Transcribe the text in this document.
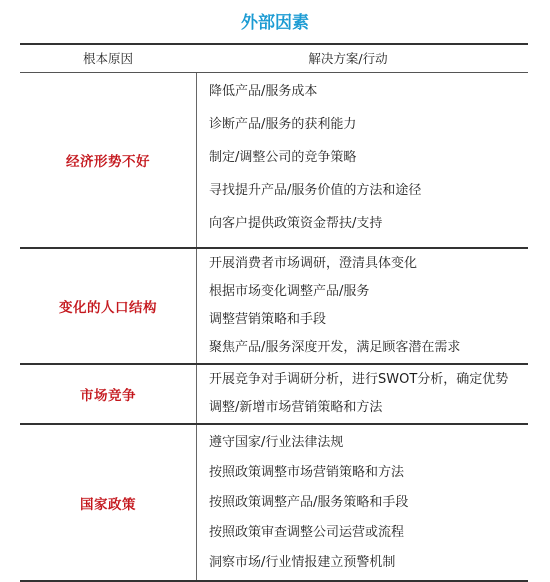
外部因素
根本原因	解决方案/行动
经济形势不好
降低产品/服务成本
诊断产品/服务的获利能力
制定/调整公司的竞争策略
寻找提升产品/服务价值的方法和途径
向客户提供政策资金帮扶/支持
变化的人口结构
开展消费者市场调研，澄清具体变化
根据市场变化调整产品/服务
调整营销策略和手段
聚焦产品/服务深度开发，满足顾客潜在需求
市场竞争
开展竞争对手调研分析，进行SWOT分析，确定优势
调整/新增市场营销策略和方法
国家政策
遵守国家/行业法律法规
按照政策调整市场营销策略和方法
按照政策调整产品/服务策略和手段
按照政策审查调整公司运营或流程
洞察市场/行业情报建立预警机制
